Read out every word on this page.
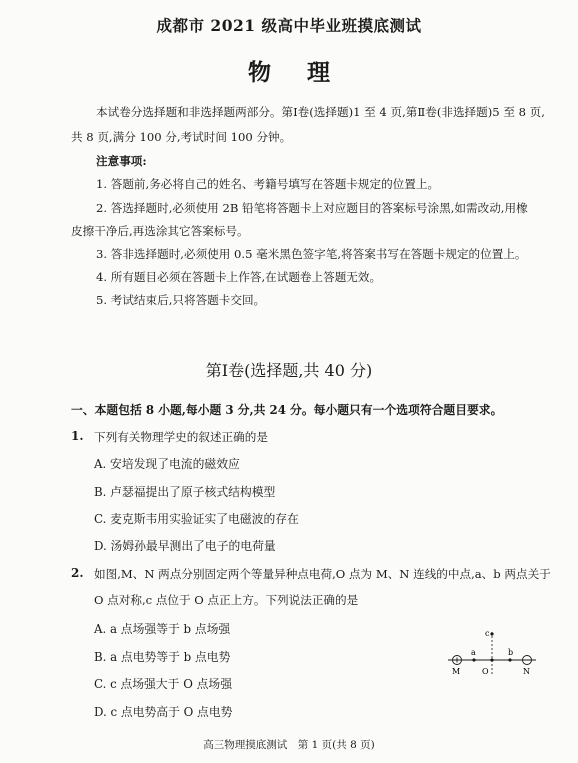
成都市 2021 级高中毕业班摸底测试
物 理
本试卷分选择题和非选择题两部分。第Ⅰ卷(选择题)1 至 4 页,第Ⅱ卷(非选择题)5 至 8 页,
共 8 页,满分 100 分,考试时间 100 分钟。
注意事项:
1. 答题前,务必将自己的姓名、考籍号填写在答题卡规定的位置上。
2. 答选择题时,必须使用 2B 铅笔将答题卡上对应题目的答案标号涂黑,如需改动,用橡
皮擦干净后,再选涂其它答案标号。
3. 答非选择题时,必须使用 0.5 毫米黑色签字笔,将答案书写在答题卡规定的位置上。
4. 所有题目必须在答题卡上作答,在试题卷上答题无效。
5. 考试结束后,只将答题卡交回。
第Ⅰ卷(选择题,共 40 分)
一、本题包括 8 小题,每小题 3 分,共 24 分。每小题只有一个选项符合题目要求。
1. 下列有关物理学史的叙述正确的是
A. 安培发现了电流的磁效应
B. 卢瑟福提出了原子核式结构模型
C. 麦克斯韦用实验证实了电磁波的存在
D. 汤姆孙最早测出了电子的电荷量
2. 如图,M、N 两点分别固定两个等量异种点电荷,O 点为 M、N 连线的中点,a、b 两点关于
O 点对称,c 点位于 O 点正上方。下列说法正确的是
A. a 点场强等于 b 点场强
B. a 点电势等于 b 点电势
C. c 点场强大于 O 点场强
D. c 点电势高于 O 点电势
c
a	b
M	O	N
高三物理摸底测试　第 1 页(共 8 页)
